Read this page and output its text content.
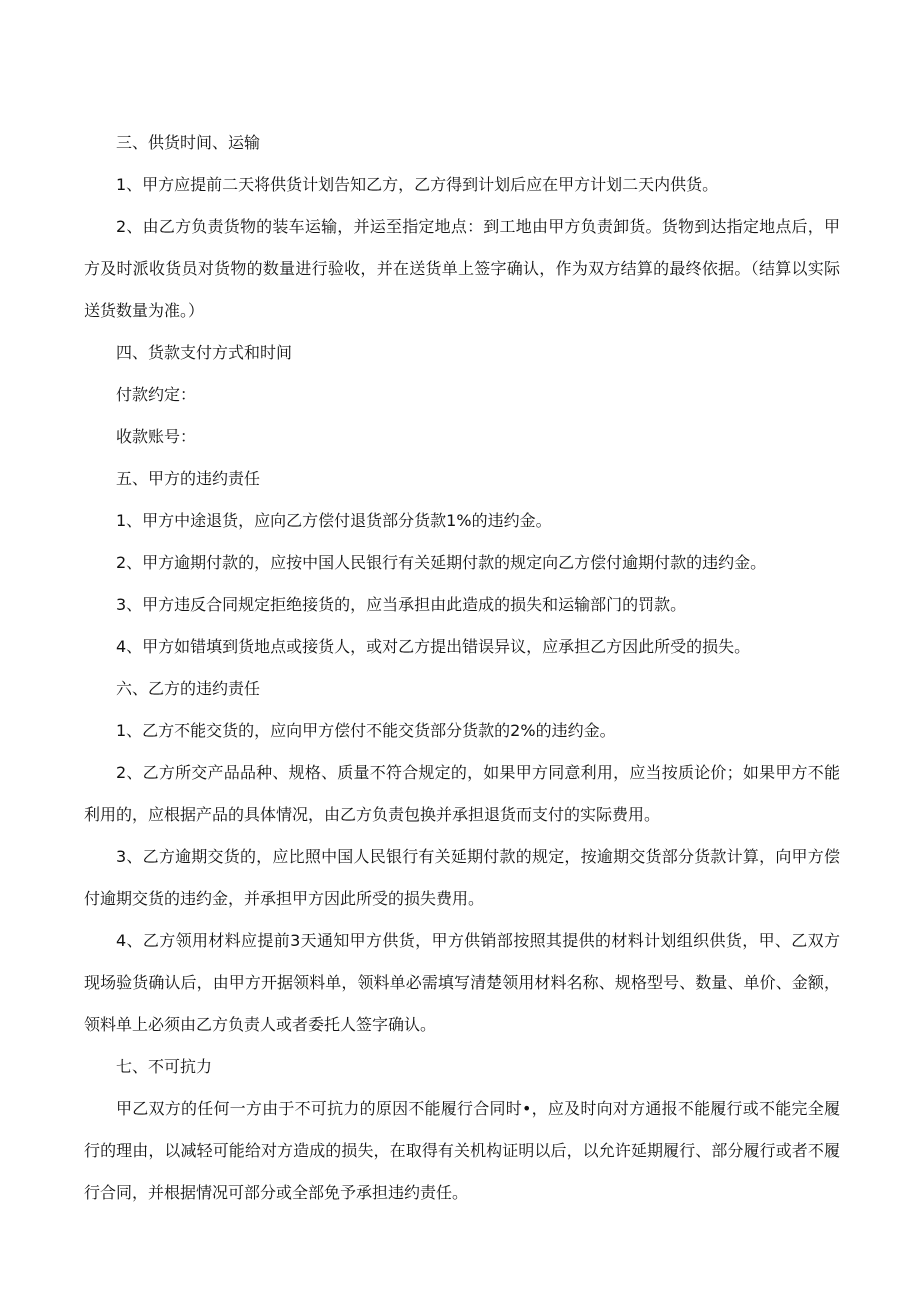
三、供货时间、运输

1、甲方应提前二天将供货计划告知乙方，乙方得到计划后应在甲方计划二天内供货。

2、由乙方负责货物的装车运输，并运至指定地点：到工地由甲方负责卸货。货物到达指定地点后，甲方及时派收货员对货物的数量进行验收，并在送货单上签字确认，作为双方结算的最终依据。（结算以实际送货数量为准。）

四、货款支付方式和时间

付款约定：

收款账号：

五、甲方的违约责任

1、甲方中途退货，应向乙方偿付退货部分货款1%的违约金。

2、甲方逾期付款的，应按中国人民银行有关延期付款的规定向乙方偿付逾期付款的违约金。

3、甲方违反合同规定拒绝接货的，应当承担由此造成的损失和运输部门的罚款。

4、甲方如错填到货地点或接货人，或对乙方提出错误异议，应承担乙方因此所受的损失。

六、乙方的违约责任

1、乙方不能交货的，应向甲方偿付不能交货部分货款的2%的违约金。

2、乙方所交产品品种、规格、质量不符合规定的，如果甲方同意利用，应当按质论价；如果甲方不能利用的，应根据产品的具体情况，由乙方负责包换并承担退货而支付的实际费用。

3、乙方逾期交货的，应比照中国人民银行有关延期付款的规定，按逾期交货部分货款计算，向甲方偿付逾期交货的违约金，并承担甲方因此所受的损失费用。

4、乙方领用材料应提前3天通知甲方供货，甲方供销部按照其提供的材料计划组织供货，甲、乙双方现场验货确认后，由甲方开据领料单，领料单必需填写清楚领用材料名称、规格型号、数量、单价、金额，领料单上必须由乙方负责人或者委托人签字确认。

七、不可抗力

甲乙双方的任何一方由于不可抗力的原因不能履行合同时•，应及时向对方通报不能履行或不能完全履行的理由，以减轻可能给对方造成的损失，在取得有关机构证明以后，以允许延期履行、部分履行或者不履行合同，并根据情况可部分或全部免予承担违约责任。
